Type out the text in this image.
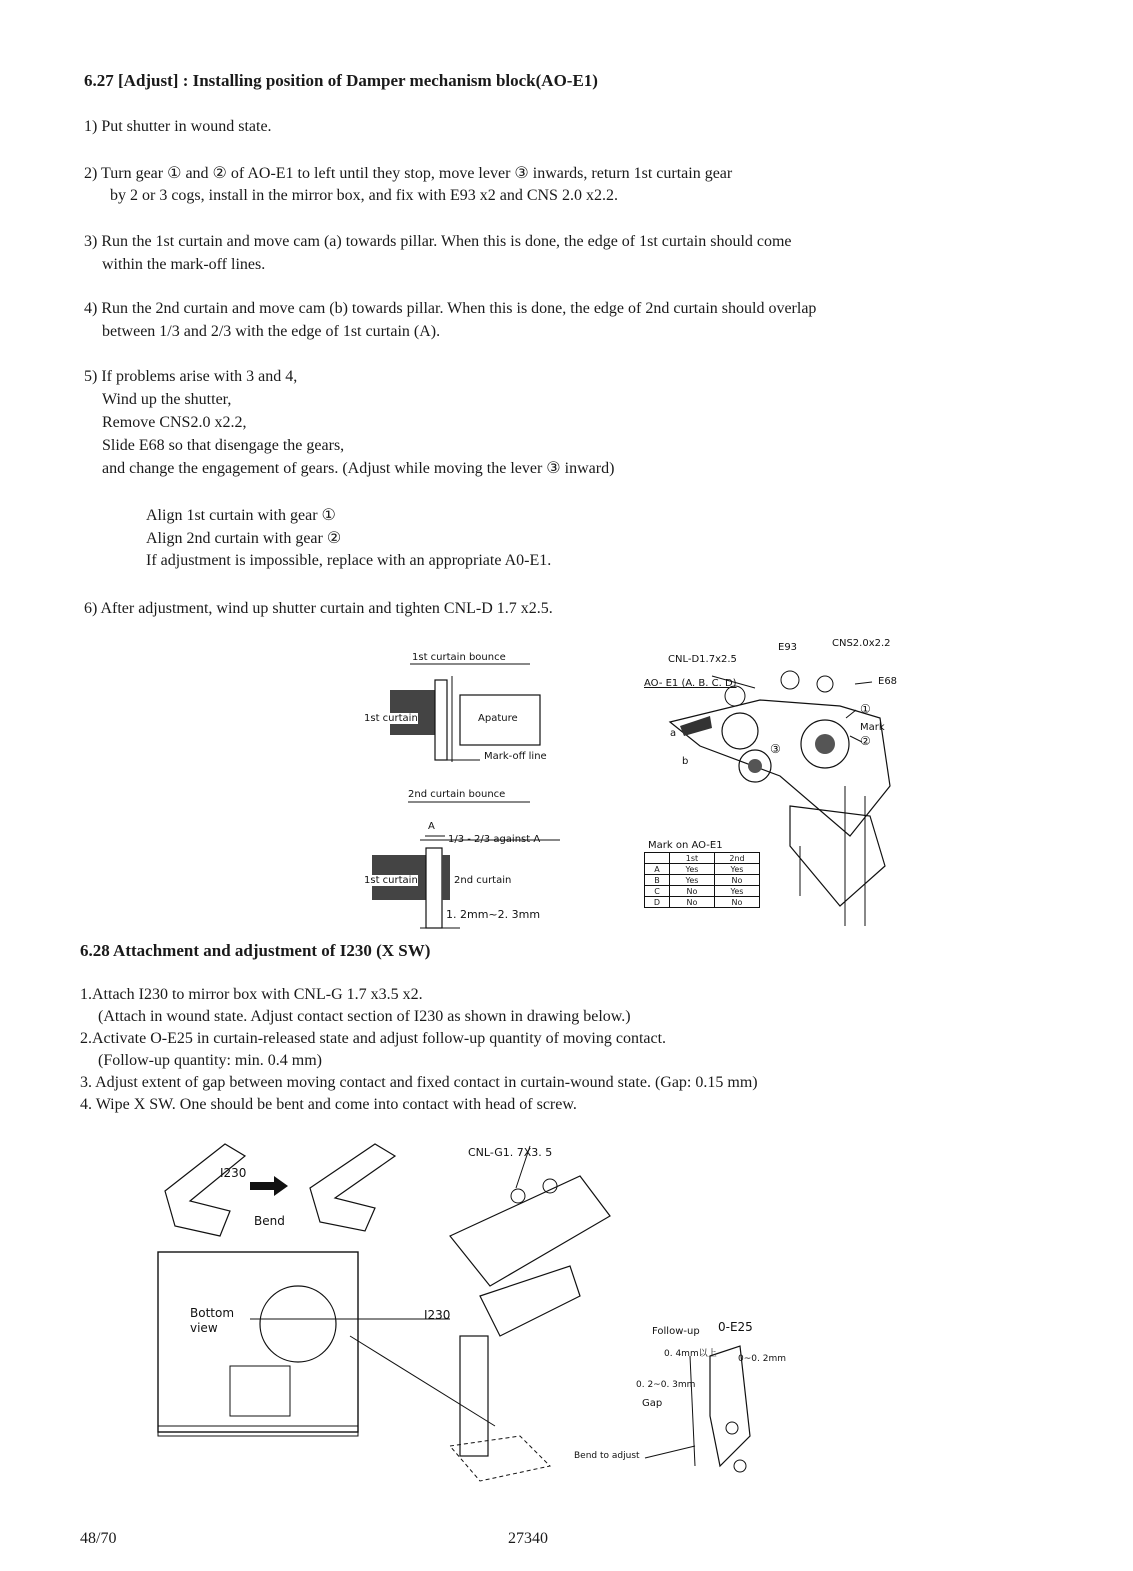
6.27 [Adjust] : Installing position of Damper mechanism block(AO-E1)
1) Put shutter in wound state.
2) Turn gear ① and ② of AO-E1 to left until they stop, move lever ③ inwards, return 1st curtain gear
by 2 or 3 cogs, install in the mirror box, and fix with E93 x2 and CNS 2.0 x2.2.
3) Run the 1st curtain and move cam (a) towards pillar. When this is done, the edge of 1st curtain should come
within the mark-off lines.
4) Run the 2nd curtain and move cam (b) towards pillar. When this is done, the edge of 2nd curtain should overlap
between 1/3 and 2/3 with the edge of 1st curtain (A).
5) If problems arise with 3 and 4,
Wind up the shutter,
Remove CNS2.0 x2.2,
Slide E68 so that disengage the gears,
and change the engagement of gears. (Adjust while moving the lever ③ inward)
Align 1st curtain with gear ①
Align 2nd curtain with gear ②
If adjustment is impossible, replace with an appropriate A0-E1.
6) After adjustment, wind up shutter curtain and tighten CNL-D 1.7 x2.5.
1st curtain bounce
1st curtain	Apature
Mark-off line
2nd curtain bounce
A
1/3 - 2/3 against A
1st curtain	2nd curtain
1. 2mm~2. 3mm
E93	CNS2.0x2.2
CNL-D1.7x2.5
AO- E1 (A. B. C. D)	E68
①
Mark
②
③
a
b
Mark on AO-E1
	1st	2nd
A	Yes	Yes
B	Yes	No
C	No	Yes
D	No	No
6.28 Attachment and adjustment of I230 (X SW)
1.Attach I230 to mirror box with CNL-G 1.7 x3.5 x2.
(Attach in wound state. Adjust contact section of I230 as shown in drawing below.)
2.Activate O-E25 in curtain-released state and adjust follow-up quantity of moving contact.
(Follow-up quantity: min. 0.4 mm)
3. Adjust extent of gap between moving contact and fixed contact in curtain-wound state. (Gap: 0.15 mm)
4. Wipe X SW. One should be bent and come into contact with head of screw.
I230
Bend
CNL-G1. 7X3. 5
Bottom
view
I230
Follow-up 0-E25
0. 4mm以上 0~0. 2mm
0. 2~0. 3mm
Gap
Bend to adjust
48/70	27340
